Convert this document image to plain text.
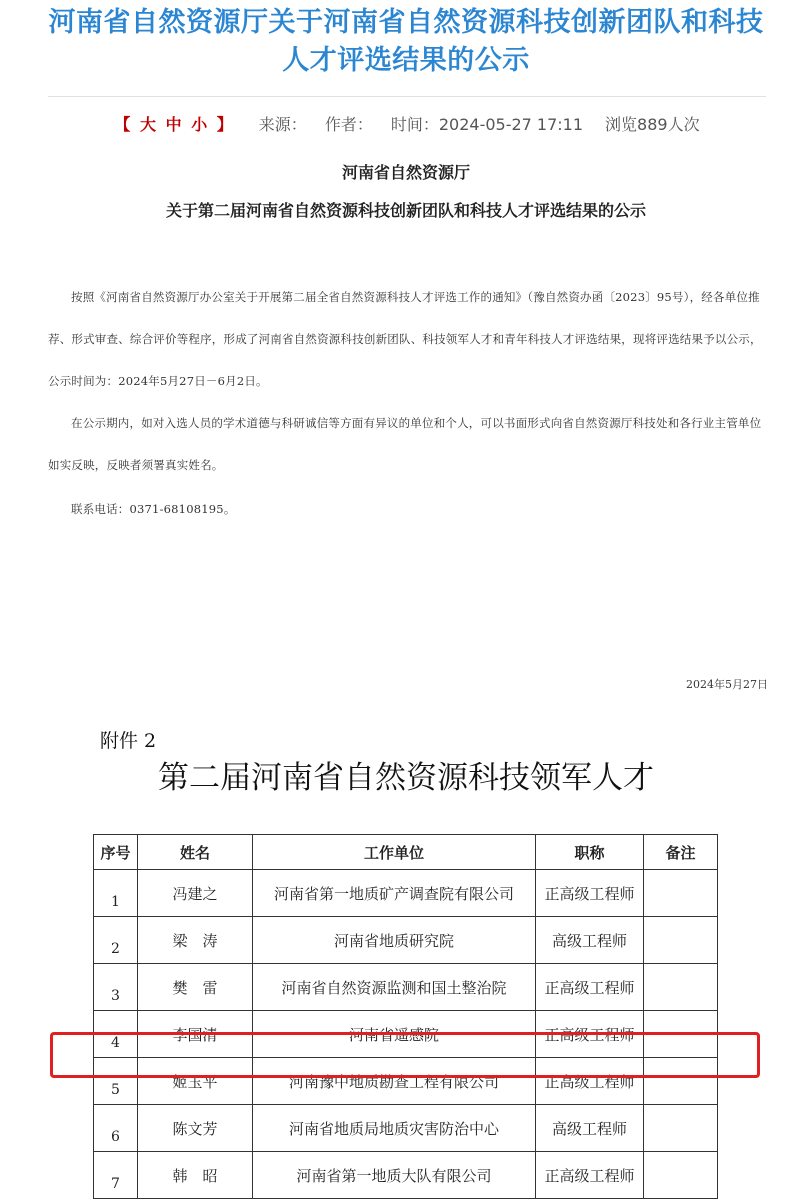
河南省自然资源厅关于河南省自然资源科技创新团队和科技
人才评选结果的公示
【 大 中 小 】 来源： 作者： 时间：2024-05-27 17:11 浏览889人次
河南省自然资源厅
关于第二届河南省自然资源科技创新团队和科技人才评选结果的公示
按照《河南省自然资源厅办公室关于开展第二届全省自然资源科技人才评选工作的通知》（豫自然资办函〔2023〕95号），经各单位推荐、形式审查、综合评价等程序，形成了河南省自然资源科技创新团队、科技领军人才和青年科技人才评选结果，现将评选结果予以公示，公示时间为：2024年5月27日－6月2日。
在公示期内，如对入选人员的学术道德与科研诚信等方面有异议的单位和个人，可以书面形式向省自然资源厅科技处和各行业主管单位如实反映，反映者须署真实姓名。
联系电话：0371-68108195。
2024年5月27日
附件 2
第二届河南省自然资源科技领军人才
序号	姓名	工作单位	职称	备注
1	冯建之	河南省第一地质矿产调查院有限公司	正高级工程师	
2	梁　涛	河南省地质研究院	高级工程师	
3	樊　雷	河南省自然资源监测和国土整治院	正高级工程师	
4	李国清	河南省遥感院	正高级工程师	
5	姬玉平	河南豫中地质勘查工程有限公司	正高级工程师	
6	陈文芳	河南省地质局地质灾害防治中心	高级工程师	
7	韩　昭	河南省第一地质大队有限公司	正高级工程师	
